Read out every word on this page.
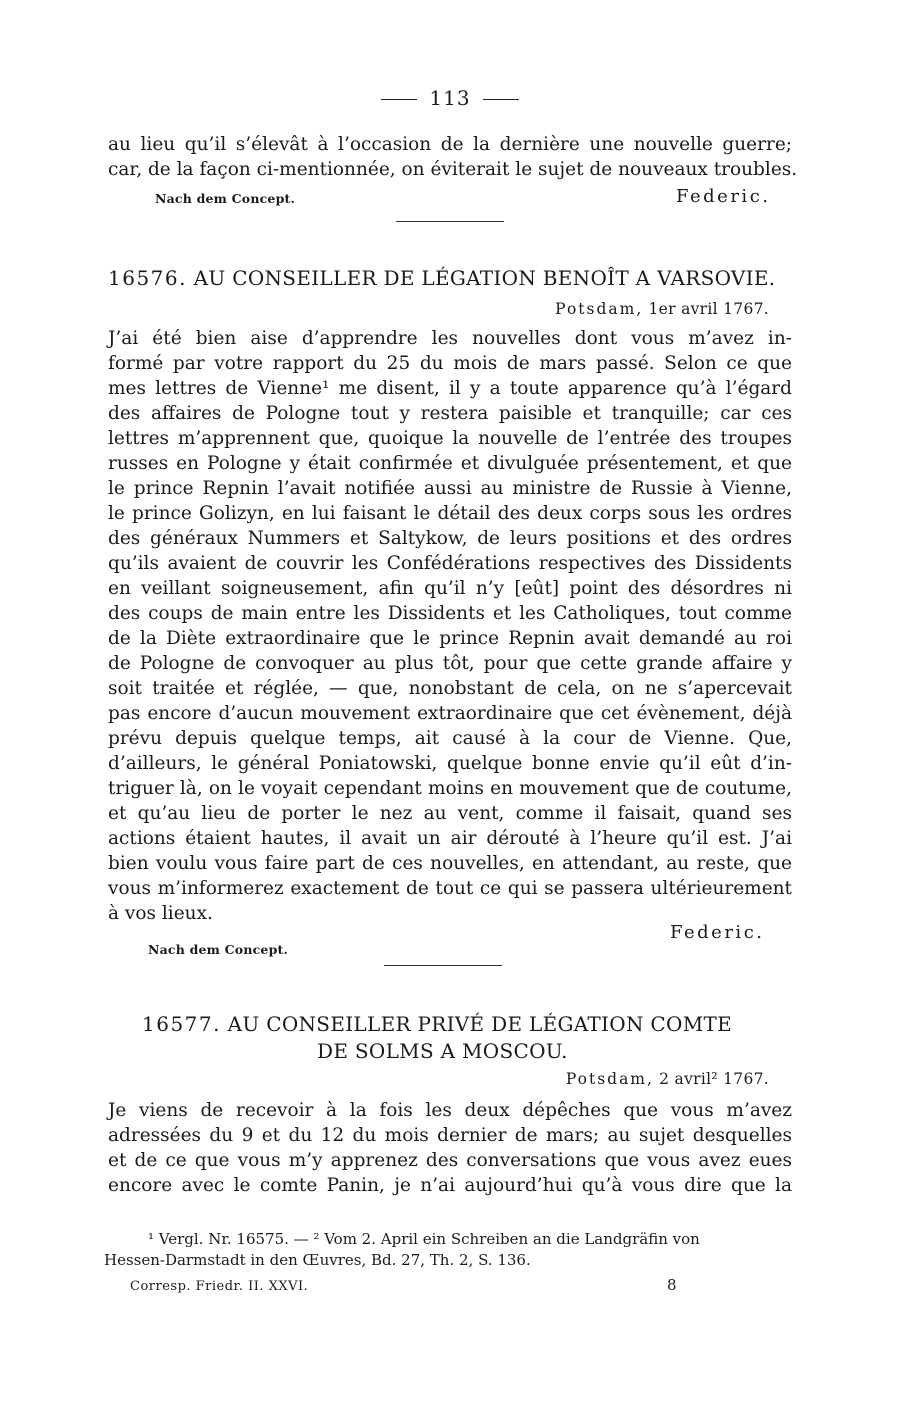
113
au lieu qu’il s’élevât à l’occasion de la dernière une nouvelle guerre;
car, de la façon ci-mentionnée, on éviterait le sujet de nouveaux troubles.
Nach dem Concept.	Federic.
16576. AU CONSEILLER DE LÉGATION BENOÎT A VARSOVIE.
Potsdam, 1er avril 1767.
J’ai été bien aise d’apprendre les nouvelles dont vous m’avez in-
formé par votre rapport du 25 du mois de mars passé. Selon ce que
mes lettres de Vienne¹ me disent, il y a toute apparence qu’à l’égard
des affaires de Pologne tout y restera paisible et tranquille; car ces
lettres m’apprennent que, quoique la nouvelle de l’entrée des troupes
russes en Pologne y était confirmée et divulguée présentement, et que
le prince Repnin l’avait notifiée aussi au ministre de Russie à Vienne,
le prince Golizyn, en lui faisant le détail des deux corps sous les ordres
des généraux Nummers et Saltykow, de leurs positions et des ordres
qu’ils avaient de couvrir les Confédérations respectives des Dissidents
en veillant soigneusement, afin qu’il n’y [eût] point des désordres ni
des coups de main entre les Dissidents et les Catholiques, tout comme
de la Diète extraordinaire que le prince Repnin avait demandé au roi
de Pologne de convoquer au plus tôt, pour que cette grande affaire y
soit traitée et réglée, — que, nonobstant de cela, on ne s’apercevait
pas encore d’aucun mouvement extraordinaire que cet évènement, déjà
prévu depuis quelque temps, ait causé à la cour de Vienne. Que,
d’ailleurs, le général Poniatowski, quelque bonne envie qu’il eût d’in-
triguer là, on le voyait cependant moins en mouvement que de coutume,
et qu’au lieu de porter le nez au vent, comme il faisait, quand ses
actions étaient hautes, il avait un air dérouté à l’heure qu’il est. J’ai
bien voulu vous faire part de ces nouvelles, en attendant, au reste, que
vous m’informerez exactement de tout ce qui se passera ultérieurement
à vos lieux.
Federic.
Nach dem Concept.
16577. AU CONSEILLER PRIVÉ DE LÉGATION COMTE
DE SOLMS A MOSCOU.
Potsdam, 2 avril² 1767.
Je viens de recevoir à la fois les deux dépêches que vous m’avez
adressées du 9 et du 12 du mois dernier de mars; au sujet desquelles
et de ce que vous m’y apprenez des conversations que vous avez eues
encore avec le comte Panin, je n’ai aujourd’hui qu’à vous dire que la
¹ Vergl. Nr. 16575. — ² Vom 2. April ein Schreiben an die Landgräfin von
Hessen-Darmstadt in den Œuvres, Bd. 27, Th. 2, S. 136.
Corresp. Friedr. II. XXVI.	8
